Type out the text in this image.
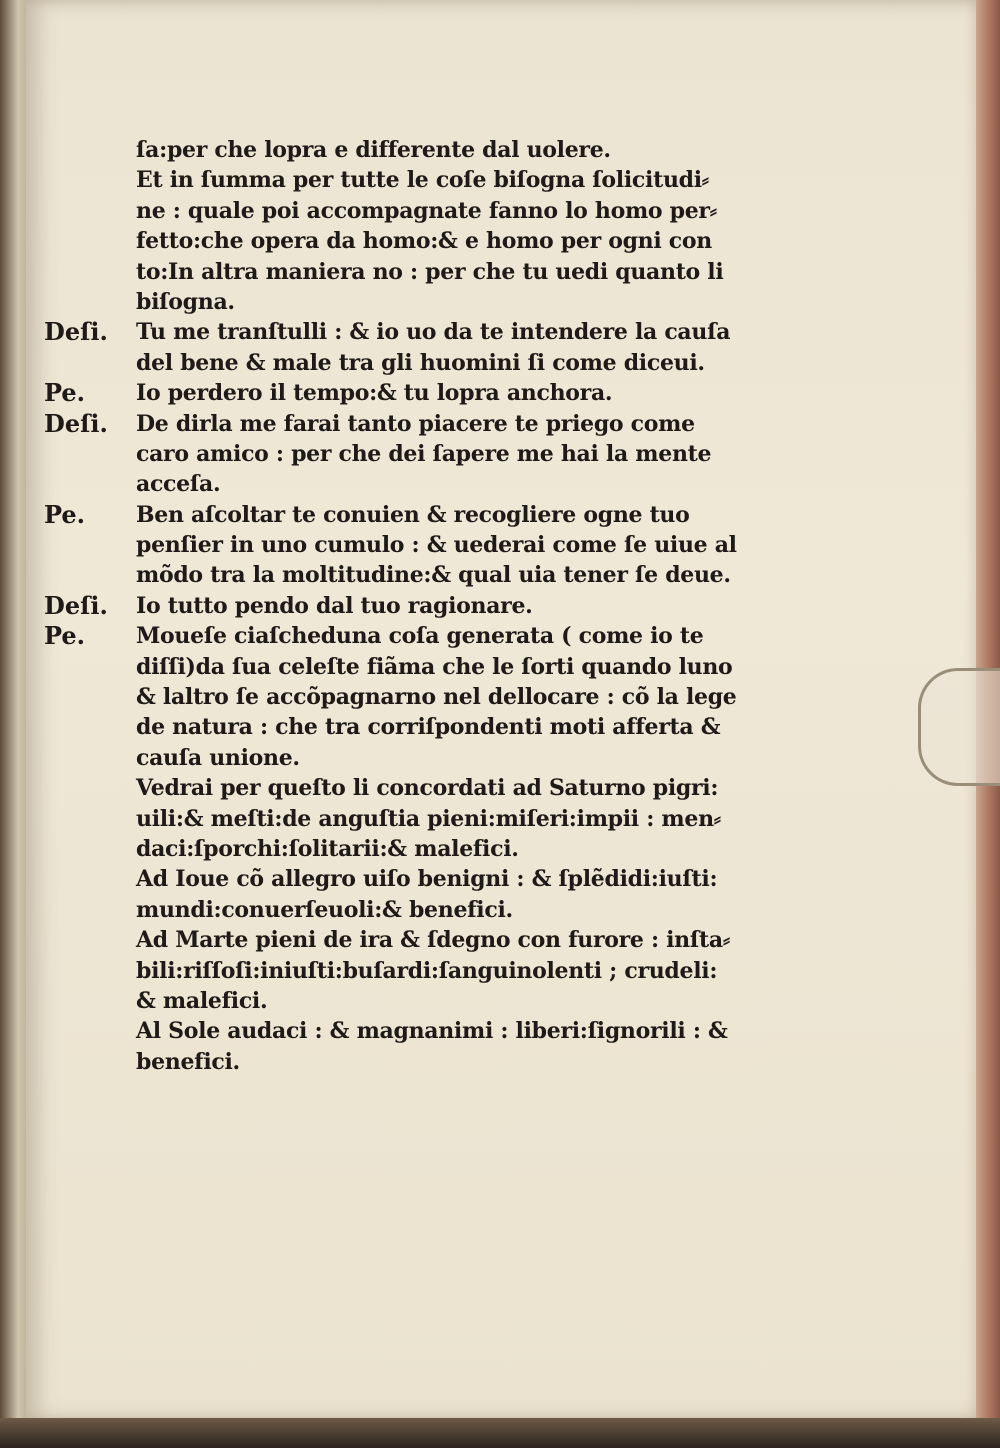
Deſi.
Pe.
Deſi.
Pe.
Deſi.
Pe.
ſa:per che lopra e differente dal uolere.
Et in ſumma per tutte le coſe biſogna ſolicitudi⸗
ne : quale poi accompagnate fanno lo homo per⸗
fetto:che opera da homo:& e homo per ogni con
to:In altra maniera no : per che tu uedi quanto li
biſogna.
Tu me tranſtulli : & io uo da te intendere la cauſa
del bene & male tra gli huomini ſi come diceui.
Io perdero il tempo:& tu lopra anchora.
De dirla me farai tanto piacere te priego come
caro amico : per che dei ſapere me hai la mente
acceſa.
Ben aſcoltar te conuien & recogliere ogne tuo
penſier in uno cumulo : & uederai come ſe uiue al
mõdo tra la moltitudine:& qual uia tener ſe deue.
Io tutto pendo dal tuo ragionare.
Moueſe ciaſcheduna coſa generata ( come io te
diſſi)da ſua celeſte fiãma che le ſorti quando luno
& laltro ſe accõpagnarno nel dellocare : cõ la lege
de natura : che tra corriſpondenti moti afferta &
cauſa unione.
Vedrai per queſto li concordati ad Saturno pigri:
uili:& meſti:de anguſtia pieni:miſeri:impii : men⸗
daci:ſporchi:ſolitarii:& malefici.
Ad Ioue cõ allegro uiſo benigni : & ſplẽdidi:iuſti:
mundi:conuerſeuoli:& benefici.
Ad Marte pieni de ira & ſdegno con furore : inſta⸗
bili:riſſoſi:iniuſti:buſardi:ſanguinolenti ; crudeli:
& malefici.
Al Sole audaci : & magnanimi : liberi:ſignorili : &
benefici.
